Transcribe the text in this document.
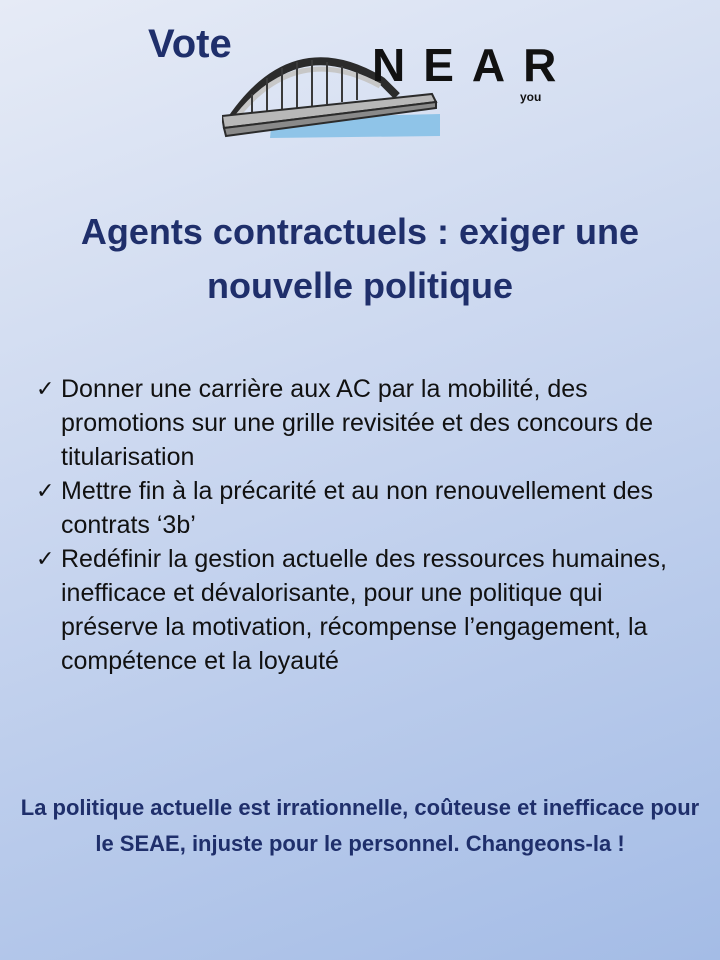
Vote	NEAR
you
Agents contractuels : exiger une nouvelle politique
✓ Donner une carrière aux AC par la mobilité, des promotions sur une grille revisitée et des concours de titularisation
✓ Mettre fin à la précarité et au non renouvellement des contrats ‘3b’
✓ Redéfinir la gestion actuelle des ressources humaines, inefficace et dévalorisante, pour une politique qui préserve la motivation, récompense l’engagement, la compétence et la loyauté

La politique actuelle est irrationnelle, coûteuse et inefficace pour le SEAE, injuste pour le personnel. Changeons-la !
